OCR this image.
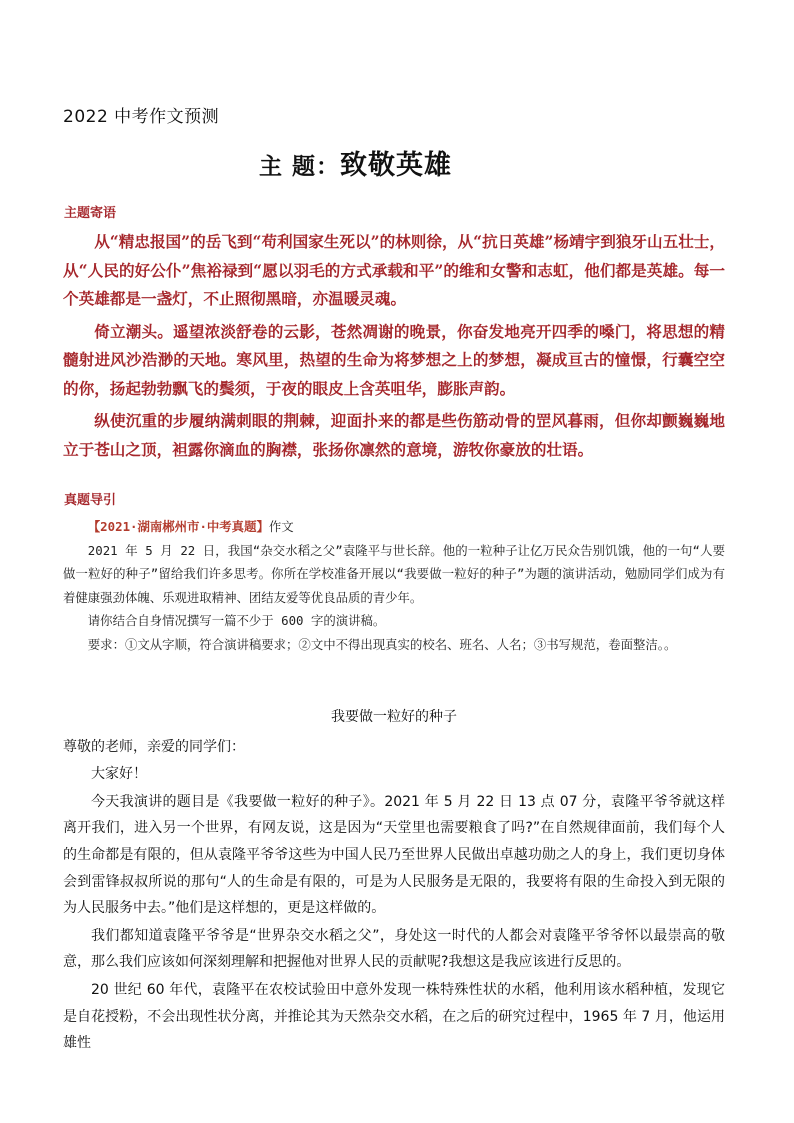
2022 中考作文预测
主 题：致敬英雄
主题寄语

从“精忠报国”的岳飞到“苟利国家生死以”的林则徐，从“抗日英雄”杨靖宇到狼牙山五壮士，从“人民的好公仆”焦裕禄到“愿以羽毛的方式承载和平”的维和女警和志虹，他们都是英雄。每一个英雄都是一盏灯，不止照彻黑暗，亦温暖灵魂。

倚立潮头。遥望浓淡舒卷的云影，苍然凋谢的晚景，你奋发地亮开四季的嗓门，将思想的精髓射进风沙浩渺的天地。寒风里，热望的生命为将梦想之上的梦想，凝成亘古的憧憬，行囊空空的你，扬起勃勃飘飞的鬓须，于夜的眼皮上含英咀华，膨胀声韵。

纵使沉重的步履纳满刺眼的荆棘，迎面扑来的都是些伤筋动骨的罡风暮雨，但你却颤巍巍地立于苍山之顶，袒露你滴血的胸襟，张扬你凛然的意境，游牧你豪放的壮语。

真题导引

【2021·湖南郴州市·中考真题】作文

2021 年 5 月 22 日，我国“杂交水稻之父”袁隆平与世长辞。他的一粒种子让亿万民众告别饥饿，他的一句“人要做一粒好的种子”留给我们许多思考。你所在学校准备开展以“我要做一粒好的种子”为题的演讲活动，勉励同学们成为有着健康强劲体魄、乐观进取精神、团结友爱等优良品质的青少年。

请你结合自身情况撰写一篇不少于 600 字的演讲稿。

要求：①文从字顺，符合演讲稿要求；②文中不得出现真实的校名、班名、人名；③书写规范，卷面整洁。。

我要做一粒好的种子

尊敬的老师，亲爱的同学们：

大家好！

今天我演讲的题目是《我要做一粒好的种子》。2021 年 5 月 22 日 13 点 07 分，袁隆平爷爷就这样离开我们，进入另一个世界，有网友说，这是因为“天堂里也需要粮食了吗?”在自然规律面前，我们每个人的生命都是有限的，但从袁隆平爷爷这些为中国人民乃至世界人民做出卓越功勋之人的身上，我们更切身体会到雷锋叔叔所说的那句“人的生命是有限的，可是为人民服务是无限的，我要将有限的生命投入到无限的为人民服务中去。”他们是这样想的，更是这样做的。

我们都知道袁隆平爷爷是“世界杂交水稻之父”，身处这一时代的人都会对袁隆平爷爷怀以最崇高的敬意，那么我们应该如何深刻理解和把握他对世界人民的贡献呢?我想这是我应该进行反思的。

20 世纪 60 年代，袁隆平在农校试验田中意外发现一株特殊性状的水稻，他利用该水稻种植，发现它是自花授粉，不会出现性状分离，并推论其为天然杂交水稻，在之后的研究过程中，1965 年 7 月，他运用雄性
